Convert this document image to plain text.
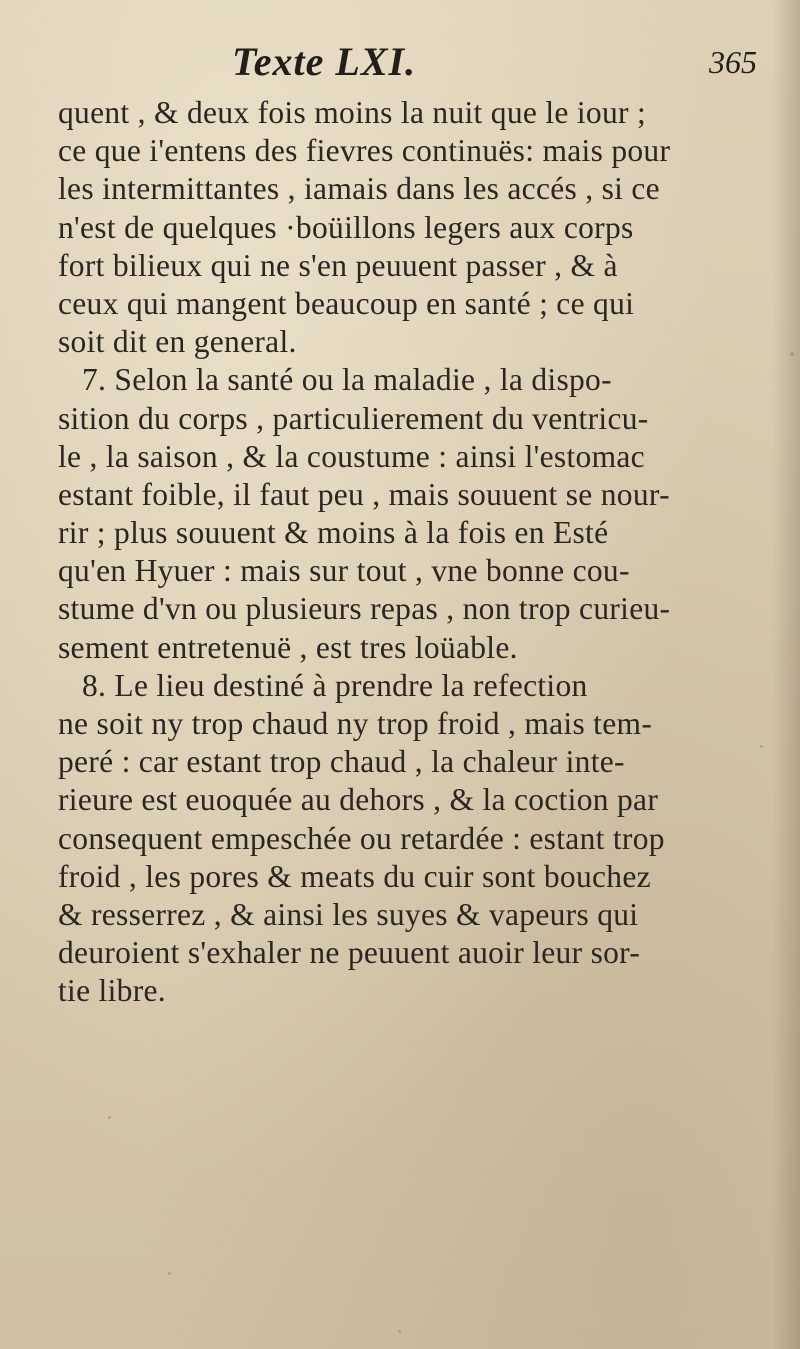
Texte LXI.	365
quent , & deux fois moins la nuit que le iour ;
ce que i'entens des fievres continuës: mais pour
les intermittantes , iamais dans les accés , si ce
n'est de quelques ·boüillons legers aux corps
fort bilieux qui ne s'en peuuent passer , & à
ceux qui mangent beaucoup en santé ; ce qui
soit dit en general.
7. Selon la santé ou la maladie , la dispo-
sition du corps , particulierement du ventricu-
le , la saison , & la coustume : ainsi l'estomac
estant foible, il faut peu , mais souuent se nour-
rir ; plus souuent & moins à la fois en Esté
qu'en Hyuer : mais sur tout , vne bonne cou-
stume d'vn ou plusieurs repas , non trop curieu-
sement entretenuë , est tres loüable.
8. Le lieu destiné à prendre la refection
ne soit ny trop chaud ny trop froid , mais tem-
peré : car estant trop chaud , la chaleur inte-
rieure est euoquée au dehors , & la coction par
consequent empeschée ou retardée : estant trop
froid , les pores & meats du cuir sont bouchez
& resserrez , & ainsi les suyes & vapeurs qui
deuroient s'exhaler ne peuuent auoir leur sor-
tie libre.
